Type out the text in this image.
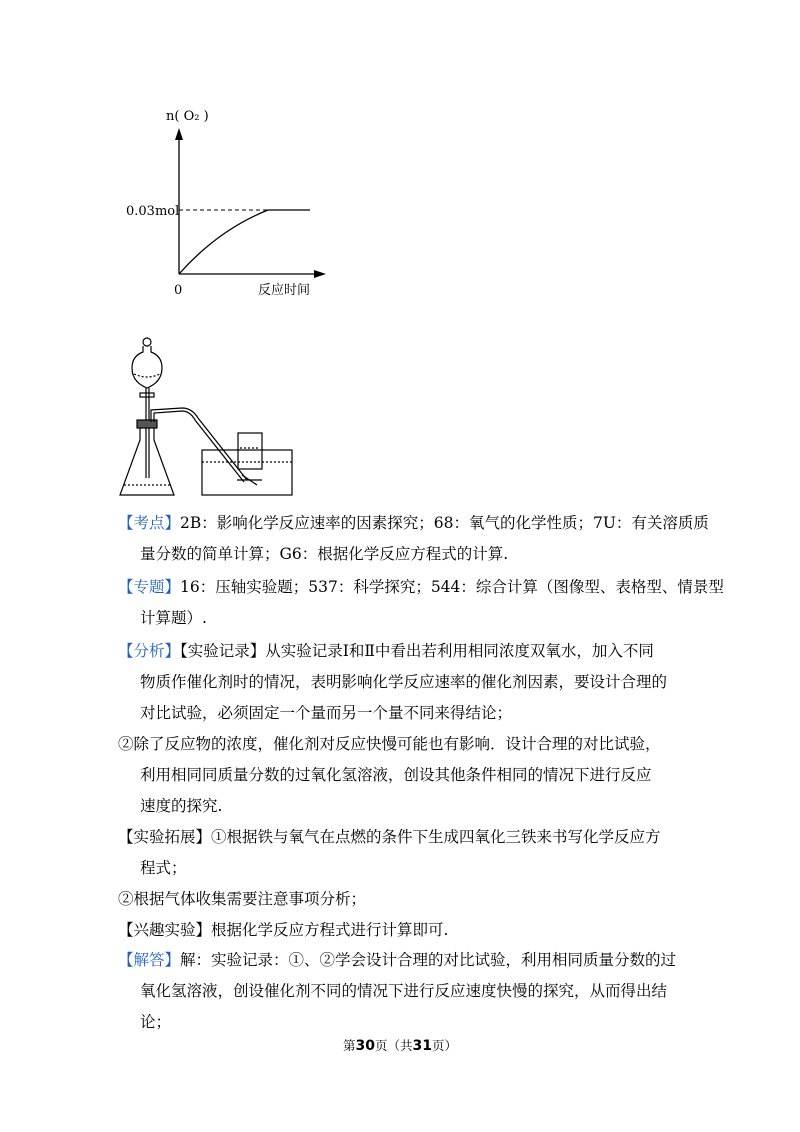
n( O₂ )
0.03mol
0	反应时间
【考点】2B：影响化学反应速率的因素探究；68：氧气的化学性质；7U：有关溶质质
量分数的简单计算；G6：根据化学反应方程式的计算.
【专题】16：压轴实验题；537：科学探究；544：综合计算（图像型、表格型、情景型
计算题）.
【分析】【实验记录】从实验记录Ⅰ和Ⅱ中看出若利用相同浓度双氧水，加入不同
物质作催化剂时的情况，表明影响化学反应速率的催化剂因素，要设计合理的
对比试验，必须固定一个量而另一个量不同来得结论；
②除了反应物的浓度，催化剂对反应快慢可能也有影响．设计合理的对比试验，
利用相同同质量分数的过氧化氢溶液，创设其他条件相同的情况下进行反应
速度的探究.
【实验拓展】①根据铁与氧气在点燃的条件下生成四氧化三铁来书写化学反应方
程式；
②根据气体收集需要注意事项分析；
【兴趣实验】根据化学反应方程式进行计算即可.
【解答】解：实验记录：①、②学会设计合理的对比试验，利用相同质量分数的过
氧化氢溶液，创设催化剂不同的情况下进行反应速度快慢的探究，从而得出结
论；
第30页（共31页）
